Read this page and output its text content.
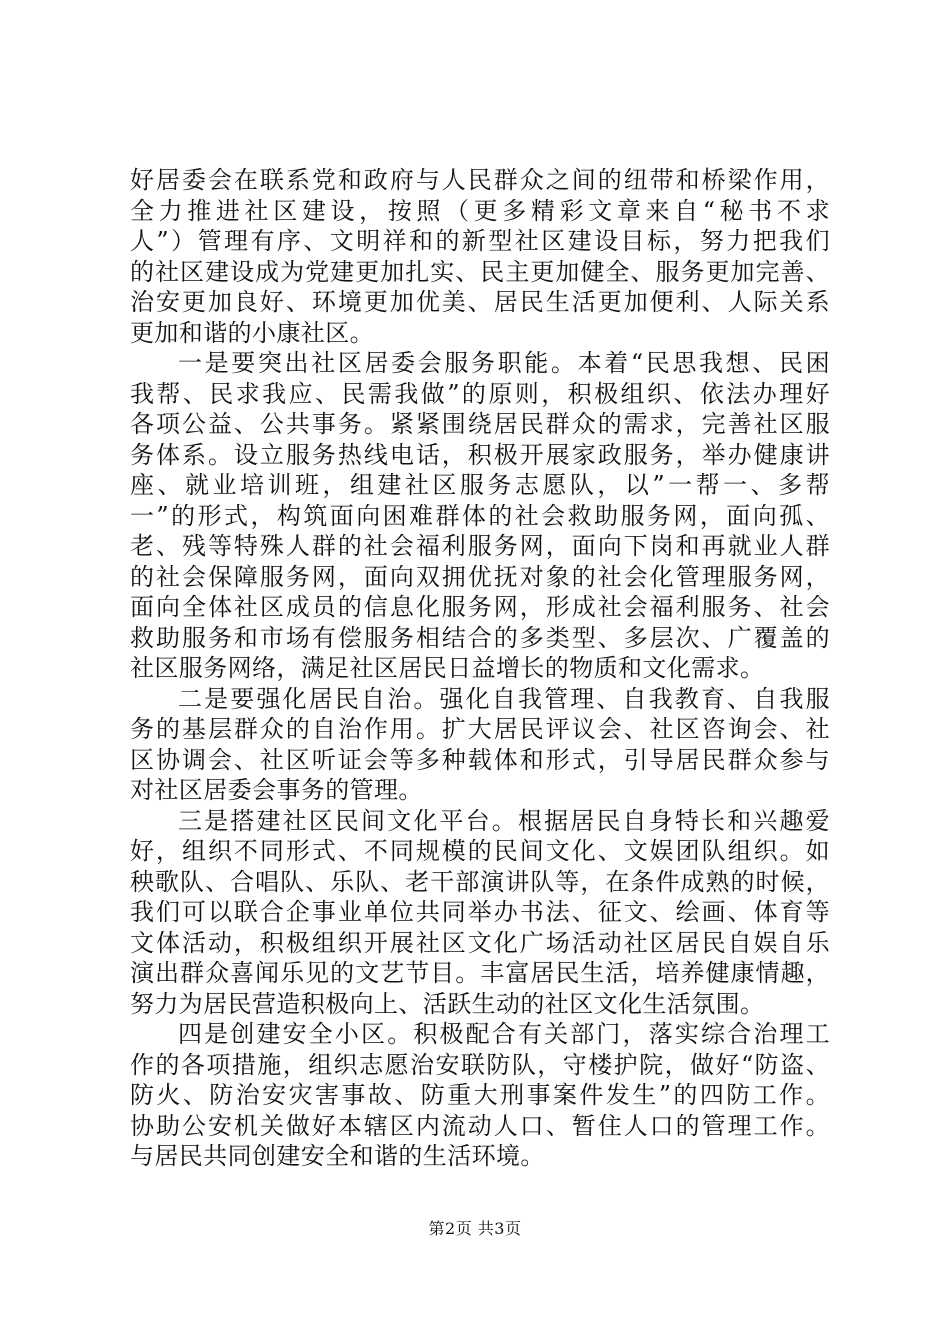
好居委会在联系党和政府与人民群众之间的纽带和桥梁作用，
全力推进社区建设，按照（更多精彩文章来自“秘书不求
人”）管理有序、文明祥和的新型社区建设目标，努力把我们
的社区建设成为党建更加扎实、民主更加健全、服务更加完善、
治安更加良好、环境更加优美、居民生活更加便利、人际关系
更加和谐的小康社区。
一是要突出社区居委会服务职能。本着“民思我想、民困
我帮、民求我应、民需我做”的原则，积极组织、依法办理好
各项公益、公共事务。紧紧围绕居民群众的需求，完善社区服
务体系。设立服务热线电话，积极开展家政服务，举办健康讲
座、就业培训班，组建社区服务志愿队，以”一帮一、多帮
一”的形式，构筑面向困难群体的社会救助服务网，面向孤、
老、残等特殊人群的社会福利服务网，面向下岗和再就业人群
的社会保障服务网，面向双拥优抚对象的社会化管理服务网，
面向全体社区成员的信息化服务网，形成社会福利服务、社会
救助服务和市场有偿服务相结合的多类型、多层次、广覆盖的
社区服务网络，满足社区居民日益增长的物质和文化需求。
二是要强化居民自治。强化自我管理、自我教育、自我服
务的基层群众的自治作用。扩大居民评议会、社区咨询会、社
区协调会、社区听证会等多种载体和形式，引导居民群众参与
对社区居委会事务的管理。
三是搭建社区民间文化平台。根据居民自身特长和兴趣爱
好，组织不同形式、不同规模的民间文化、文娱团队组织。如
秧歌队、合唱队、乐队、老干部演讲队等，在条件成熟的时候，
我们可以联合企事业单位共同举办书法、征文、绘画、体育等
文体活动，积极组织开展社区文化广场活动社区居民自娱自乐
演出群众喜闻乐见的文艺节目。丰富居民生活，培养健康情趣，
努力为居民营造积极向上、活跃生动的社区文化生活氛围。
四是创建安全小区。积极配合有关部门，落实综合治理工
作的各项措施，组织志愿治安联防队，守楼护院，做好“防盗、
防火、防治安灾害事故、防重大刑事案件发生”的四防工作。
协助公安机关做好本辖区内流动人口、暂住人口的管理工作。
与居民共同创建安全和谐的生活环境。
第2页 共3页
